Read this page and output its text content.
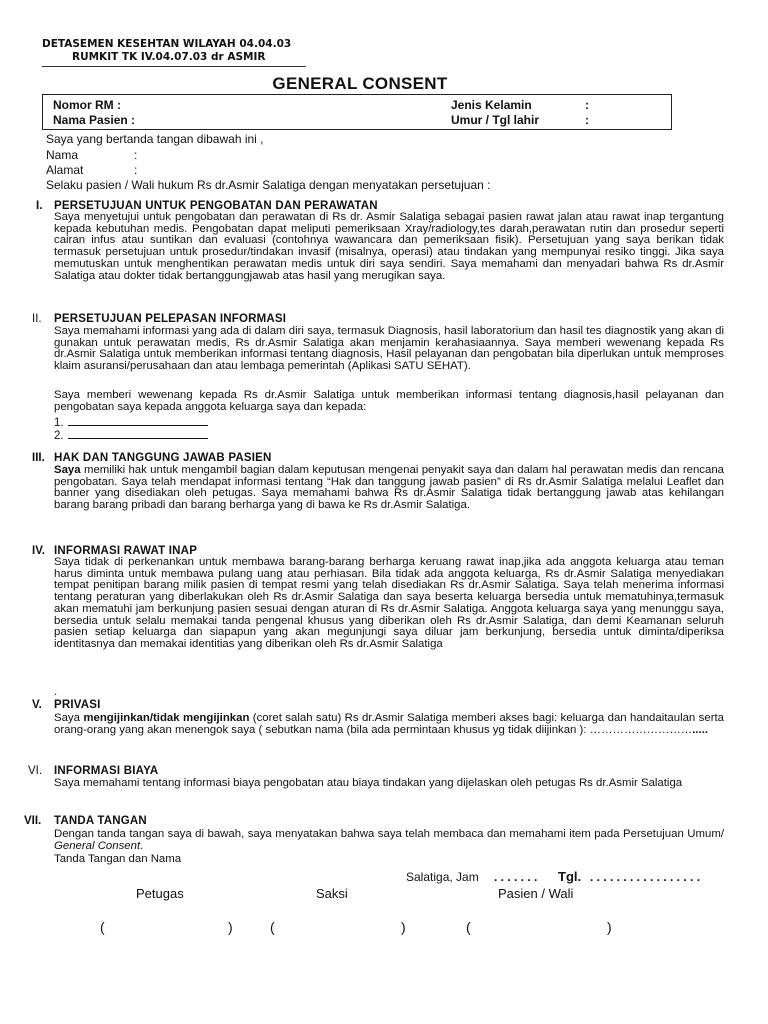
DETASEMEN KESEHTAN WILAYAH 04.04.03
RUMKIT TK IV.04.07.03 dr ASMIR
GENERAL CONSENT
Nomor RM :
Nama Pasien :
Jenis Kelamin	:
Umur / Tgl lahir	:
Saya yang bertanda tangan dibawah ini ,
Nama	:
Alamat	:
Selaku pasien / Wali hukum Rs dr.Asmir Salatiga dengan menyatakan persetujuan :
I. PERSETUJUAN UNTUK PENGOBATAN DAN PERAWATAN
Saya menyetujui untuk pengobatan dan perawatan di Rs dr. Asmir Salatiga sebagai pasien rawat jalan atau rawat inap tergantung kepada kebutuhan medis. Pengobatan dapat meliputi pemeriksaan Xray/radiology,tes darah,perawatan rutin dan prosedur seperti cairan infus atau suntikan dan evaluasi (contohnya wawancara dan pemeriksaan fisik). Persetujuan yang saya berikan tidak termasuk persetujuan untuk prosedur/tindakan invasif (misalnya, operasi) atau tindakan yang mempunyai resiko tinggi. Jika saya memutuskan untuk menghentikan perawatan medis untuk diri saya sendiri. Saya memahami dan menyadari bahwa Rs dr.Asmir Salatiga atau dokter tidak bertanggungjawab atas hasil yang merugikan saya.
II. PERSETUJUAN PELEPASAN INFORMASI
Saya memahami informasi yang ada di dalam diri saya, termasuk Diagnosis, hasil laboratorium dan hasil tes diagnostik yang akan di gunakan untuk perawatan medis, Rs dr.Asmir Salatiga akan menjamin kerahasiaannya. Saya memberi wewenang kepada Rs dr.Asmir Salatiga untuk memberikan informasi tentang diagnosis, Hasil pelayanan dan pengobatan bila diperlukan untuk memproses klaim asuransi/perusahaan dan atau lembaga pemerintah (Aplikasi SATU SEHAT).
Saya memberi wewenang kepada Rs dr.Asmir Salatiga untuk memberikan informasi tentang diagnosis,hasil pelayanan dan pengobatan saya kepada anggota keluarga saya dan kepada:
1.
2.
III. HAK DAN TANGGUNG JAWAB PASIEN
Saya memiliki hak untuk mengambil bagian dalam keputusan mengenai penyakit saya dan dalam hal perawatan medis dan rencana pengobatan. Saya telah mendapat informasi tentang “Hak dan tanggung jawab pasien” di Rs dr.Asmir Salatiga melalui Leaflet dan banner yang disediakan oleh petugas. Saya memahami bahwa Rs dr.Asmir Salatiga tidak bertanggung jawab atas kehilangan barang barang pribadi dan barang berharga yang di bawa ke Rs dr.Asmir Salatiga.
IV. INFORMASI RAWAT INAP
Saya tidak di perkenankan untuk membawa barang-barang berharga keruang rawat inap,jika ada anggota keluarga atau teman harus diminta untuk membawa pulang uang atau perhiasan. Bila tidak ada anggota keluarga, Rs dr.Asmir Salatiga menyediakan tempat penitipan barang milik pasien di tempat resmi yang telah disediakan Rs dr.Asmir Salatiga. Saya telah menerima informasi tentang peraturan yang diberlakukan oleh Rs dr.Asmir Salatiga dan saya beserta keluarga bersedia untuk mematuhinya,termasuk akan mematuhi jam berkunjung pasien sesuai dengan aturan di Rs dr.Asmir Salatiga. Anggota keluarga saya yang menunggu saya, bersedia untuk selalu memakai tanda pengenal khusus yang diberikan oleh Rs dr.Asmir Salatiga, dan demi Keamanan seluruh pasien setiap keluarga dan siapapun yang akan megunjungi saya diluar jam berkunjung, bersedia untuk diminta/diperiksa identitasnya dan memakai identitias yang diberikan oleh Rs dr.Asmir Salatiga
.
V. PRIVASI
Saya mengijinkan/tidak mengijinkan (coret salah satu) Rs dr.Asmir Salatiga memberi akses bagi: keluarga dan handaitaulan serta orang-orang yang akan menengok saya ( sebutkan nama (bila ada permintaan khusus yg tidak diijinkan ): ……………………….....
VI. INFORMASI BIAYA
Saya memahami tentang informasi biaya pengobatan atau biaya tindakan yang dijelaskan oleh petugas Rs dr.Asmir Salatiga
VII. TANDA TANGAN
Dengan tanda tangan saya di bawah, saya menyatakan bahwa saya telah membaca dan memahami item pada Persetujuan Umum/ General Consent.
Tanda Tangan dan Nama
Salatiga, Jam . . . . . . . Tgl. . . . . . . . . . . . . . . . . .
Petugas	Saksi	Pasien / Wali
(	)	(	)	(	)
